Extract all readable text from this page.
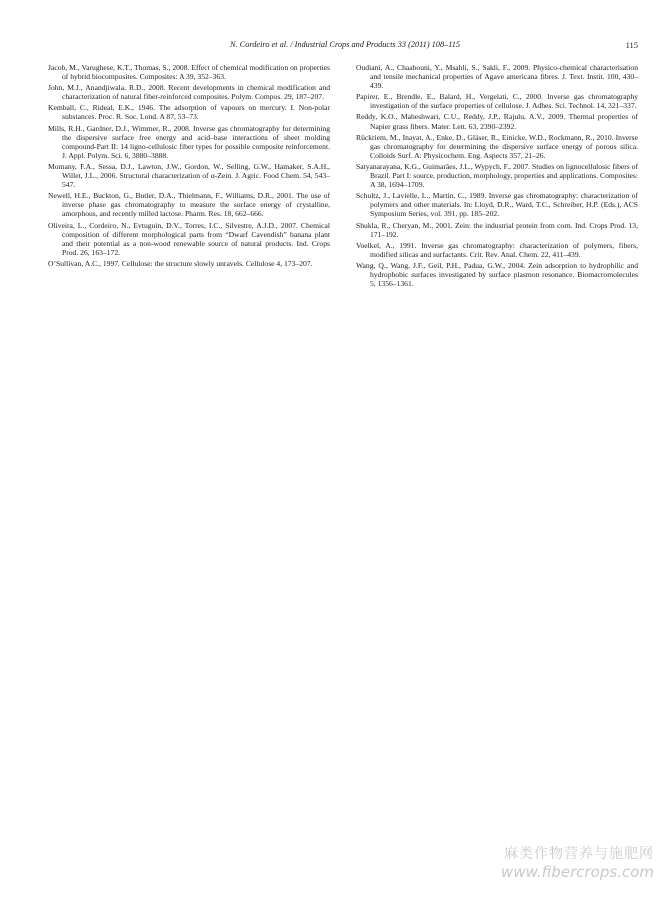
N. Cordeiro et al. / Industrial Crops and Products 33 (2011) 108–115	115

Jacob, M., Varughese, K.T., Thomas, S., 2008. Effect of chemical modification on properties of hybrid biocomposites. Composites: A 39, 352–363.

John, M.J., Anandjiwala, R.D., 2008. Recent developments in chemical modification and characterization of natural fiber-reinforced composites. Polym. Compos. 29, 187–207.

Kemball, C., Rideal, E.K., 1946. The adsorption of vapours on mercury. I. Non-polar substances. Proc. R. Soc. Lond. A 87, 53–73.

Mills, R.H., Gardner, D.J., Wimmer, R., 2008. Inverse gas chromatography for determining the dispersive surface free energy and acid–base interactions of sheet molding compound-Part II: 14 ligno-cellulosic fiber types for possible composite reinforcement. J. Appl. Polym. Sci. 6, 3880–3888.

Momany, F.A., Sessa, D.J., Lawton, J.W., Gordon, W., Selling, G.W., Hamaker, S.A.H., Willet, J.L., 2006. Structural characterization of α-Zein. J. Agric. Food Chem. 54, 543–547.

Newell, H.E., Buckton, G., Butler, D.A., Thielmann, F., Williams, D.R., 2001. The use of inverse phase gas chromatography to measure the surface energy of crystalline, amorphous, and recently milled lactose. Pharm. Res. 18, 662–666.

Oliveira, L., Cordeiro, N., Evtuguin, D.V., Torres, I.C., Silvestre, A.J.D., 2007. Chemical composition of different morphological parts from “Dwarf Cavendish” banana plant and their potential as a non-wood renewable source of natural products. Ind. Crops Prod. 26, 163–172.

O’Sullivan, A.C., 1997. Cellulose: the structure slowly unravels. Cellulose 4, 173–207.

Oudiani, A., Chaabouni, Y., Msahli, S., Sakli, F., 2009. Physico-chemical characterisation and tensile mechanical properties of Agave americana fibres. J. Text. Instit. 100, 430–439.

Papirer, E., Brendle, E., Balard, H., Vergelati, C., 2000. Inverse gas chromatography investigation of the surface properties of cellulose. J. Adhes. Sci. Technol. 14, 321–337.

Reddy, K.O., Maheshwari, C.U., Reddy, J.P., Rajulu, A.V., 2009. Thermal properties of Napier grass fibers. Mater. Lett. 63, 2390–2392.

Rückriem, M., Inayat, A., Enke, D., Gläser, R., Einicke, W.D., Rockmann, R., 2010. Inverse gas chromatography for determining the dispersive surface energy of porous silica. Colloids Surf. A: Physicochem. Eng. Aspects 357, 21–26.

Satyanarayana, K.G., Guimarães, J.L., Wypych, F., 2007. Studies on lignocellulosic fibers of Brazil. Part I: source, production, morphology, properties and applications. Composites: A 38, 1694–1709.

Schultz, J., Lavielle, L., Martin, C., 1989. Inverse gas chromatography: characterization of polymers and other materials. In: Lloyd, D.R., Ward, T.C., Schreiber, H.P. (Eds.), ACS Symposium Series, vol. 391, pp. 185–202.

Shukla, R., Cheryan, M., 2001. Zein: the industrial protein from corn. Ind. Crops Prod. 13, 171–192.

Voelkel, A., 1991. Inverse gas chromatography: characterization of polymers, fibers, modified silicas and surfactants. Crit. Rev. Anal. Chem. 22, 411–439.

Wang, Q., Wang, J.F., Geil, P.H., Padua, G.W., 2004. Zein adsorption to hydrophilic and hydrophobic surfaces investigated by surface plasmon resonance. Biomacromolecules 5, 1356–1361.

麻类作物营养与施肥网
www.fibercrops.com
